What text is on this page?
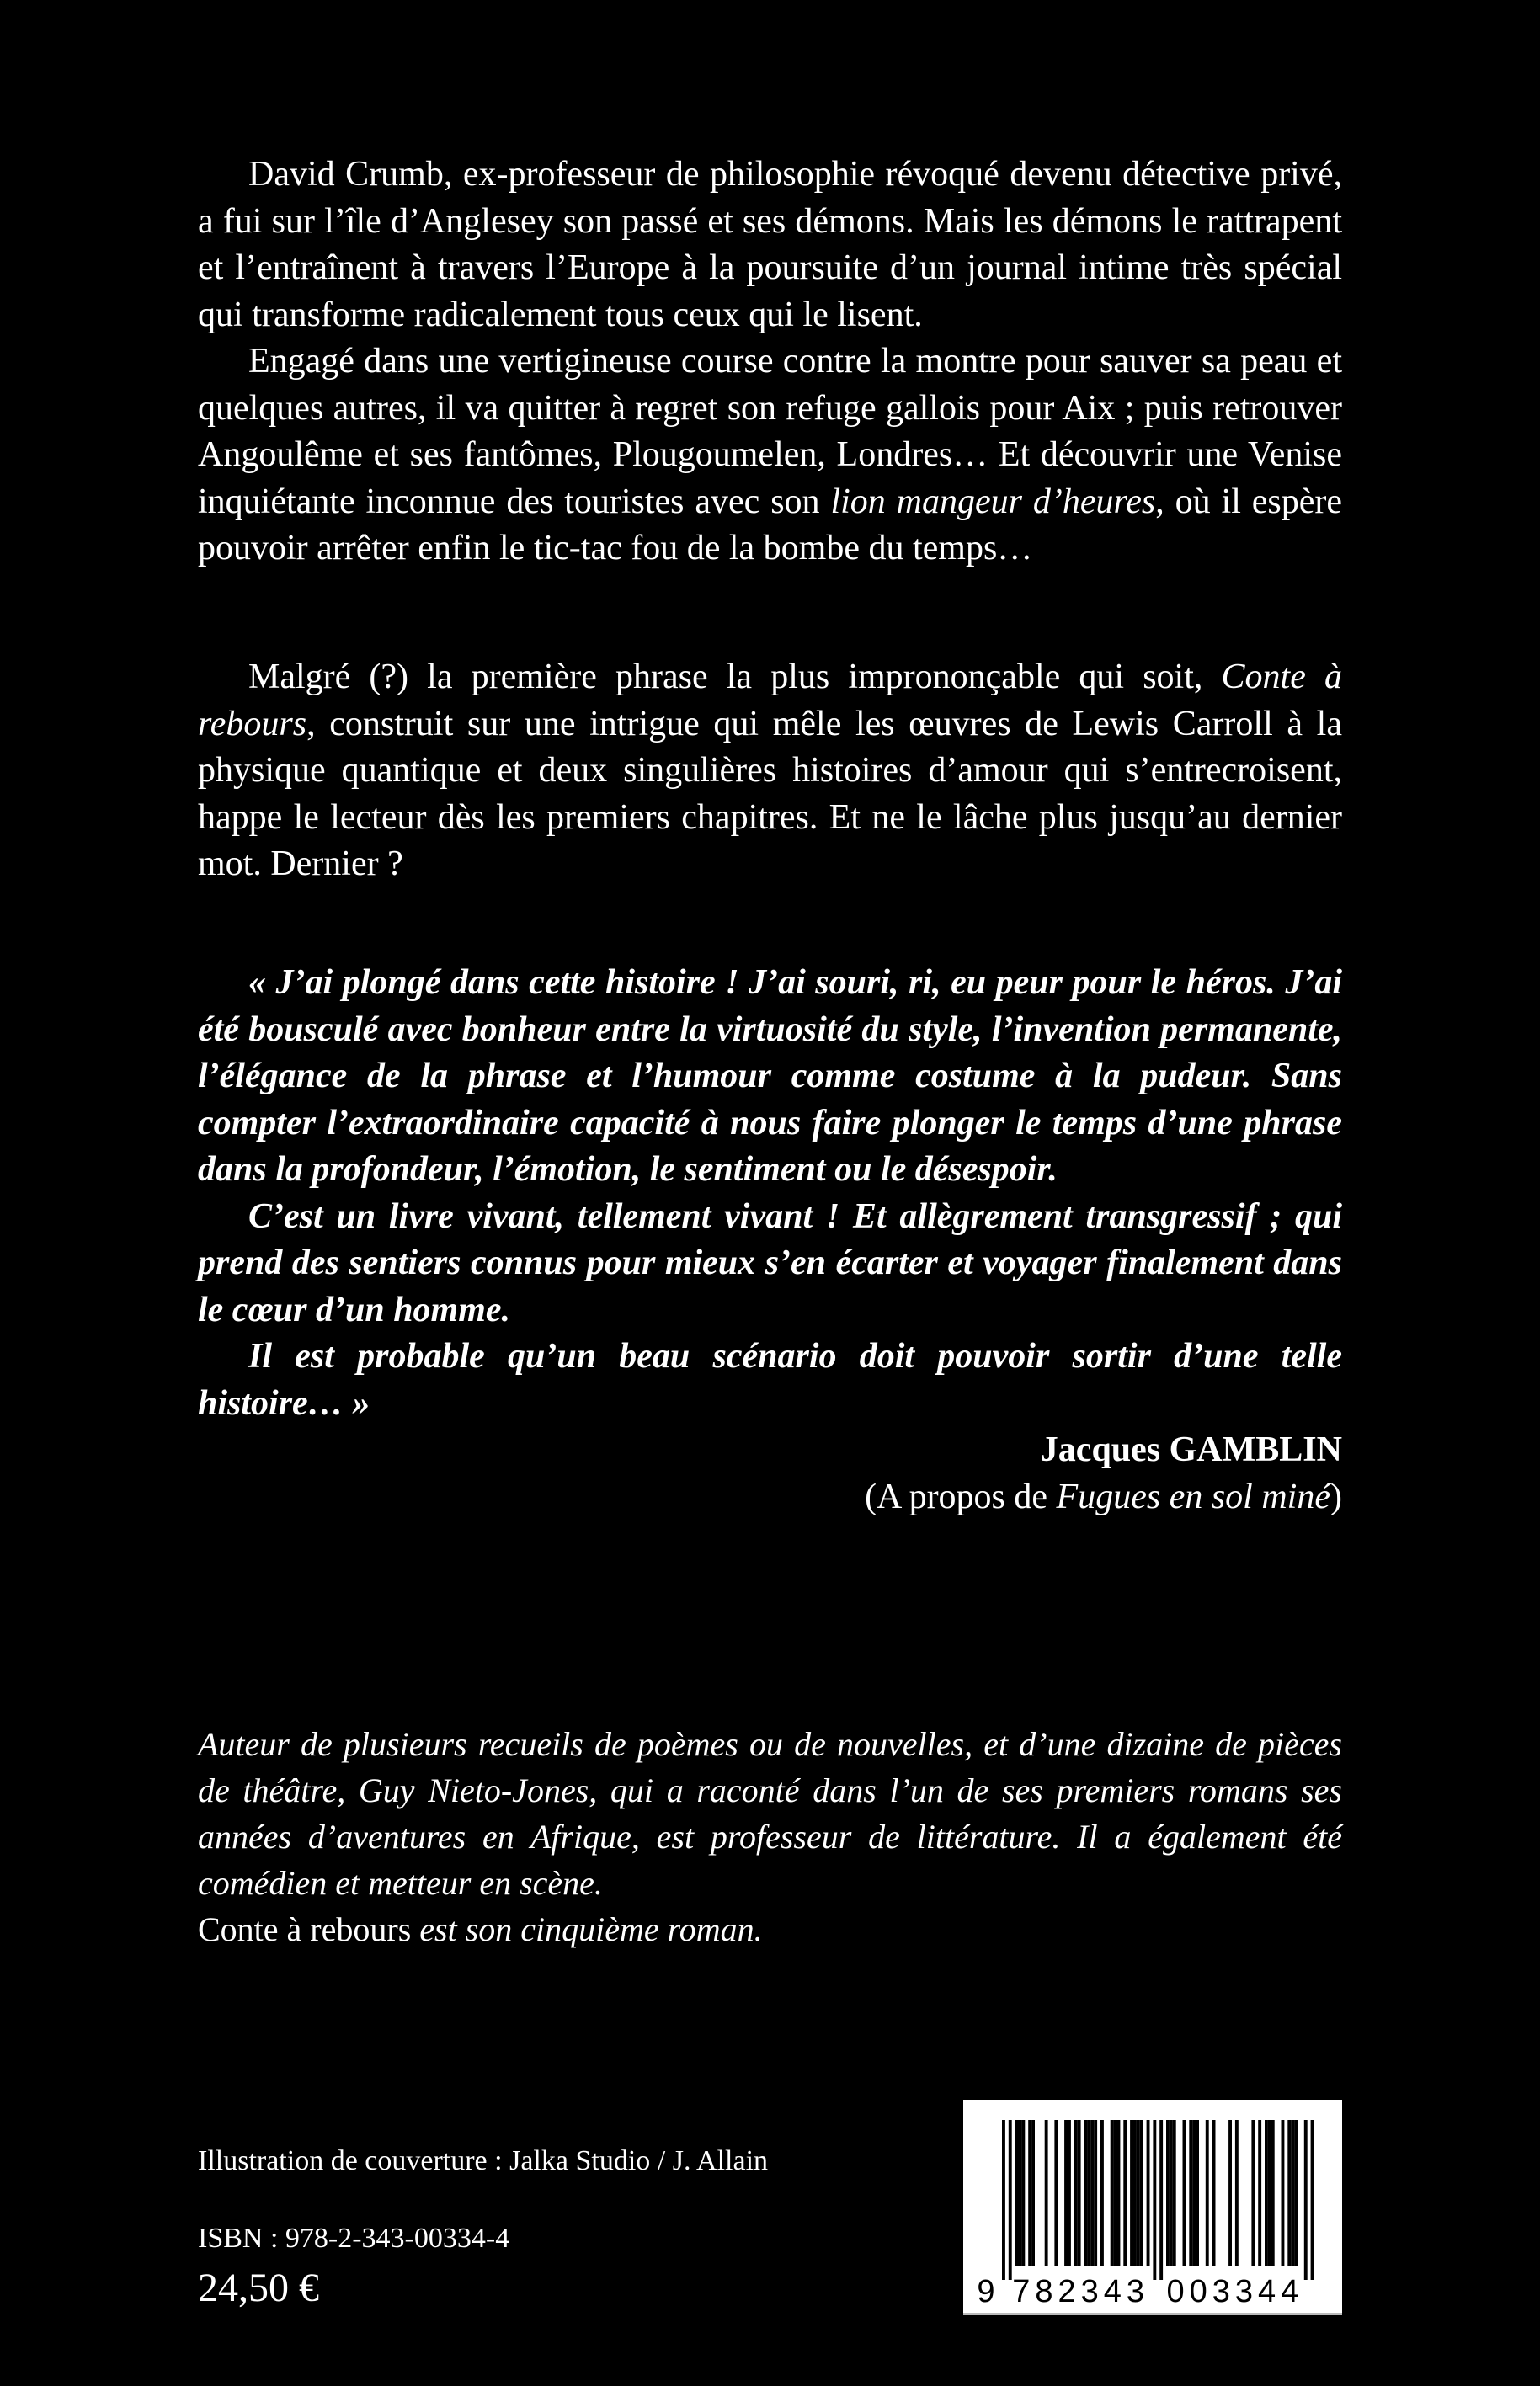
David Crumb, ex-professeur de philosophie révoqué devenu détective privé, a fui sur l’île d’Anglesey son passé et ses démons. Mais les démons le rattrapent et l’entraînent à travers l’Europe à la poursuite d’un journal intime très spécial qui transforme radicalement tous ceux qui le lisent.

Engagé dans une vertigineuse course contre la montre pour sauver sa peau et quelques autres, il va quitter à regret son refuge gallois pour Aix ; puis retrouver Angoulême et ses fantômes, Plougoumelen, Londres… Et découvrir une Venise inquiétante inconnue des touristes avec son lion mangeur d’heures, où il espère pouvoir arrêter enfin le tic-tac fou de la bombe du temps…

Malgré (?) la première phrase la plus imprononçable qui soit, Conte à rebours, construit sur une intrigue qui mêle les œuvres de Lewis Carroll à la physique quantique et deux singulières histoires d’amour qui s’entrecroisent, happe le lecteur dès les premiers chapitres. Et ne le lâche plus jusqu’au dernier mot. Dernier ?

« J’ai plongé dans cette histoire ! J’ai souri, ri, eu peur pour le héros. J’ai été bousculé avec bonheur entre la virtuosité du style, l’invention permanente, l’élégance de la phrase et l’humour comme costume à la pudeur. Sans compter l’extraordinaire capacité à nous faire plonger le temps d’une phrase dans la profondeur, l’émotion, le sentiment ou le désespoir.

C’est un livre vivant, tellement vivant ! Et allègrement transgressif ; qui prend des sentiers connus pour mieux s’en écarter et voyager finalement dans le cœur d’un homme.

Il est probable qu’un beau scénario doit pouvoir sortir d’une telle histoire… »

Jacques GAMBLIN

(A propos de Fugues en sol miné)

Auteur de plusieurs recueils de poèmes ou de nouvelles, et d’une dizaine de pièces de théâtre, Guy Nieto-Jones, qui a raconté dans l’un de ses premiers romans ses années d’aventures en Afrique, est professeur de littérature. Il a également été comédien et metteur en scène.

Conte à rebours est son cinquième roman.

Illustration de couverture : Jalka Studio / J. Allain
ISBN : 978-2-343-00334-4
24,50 €	9 782343 003344
